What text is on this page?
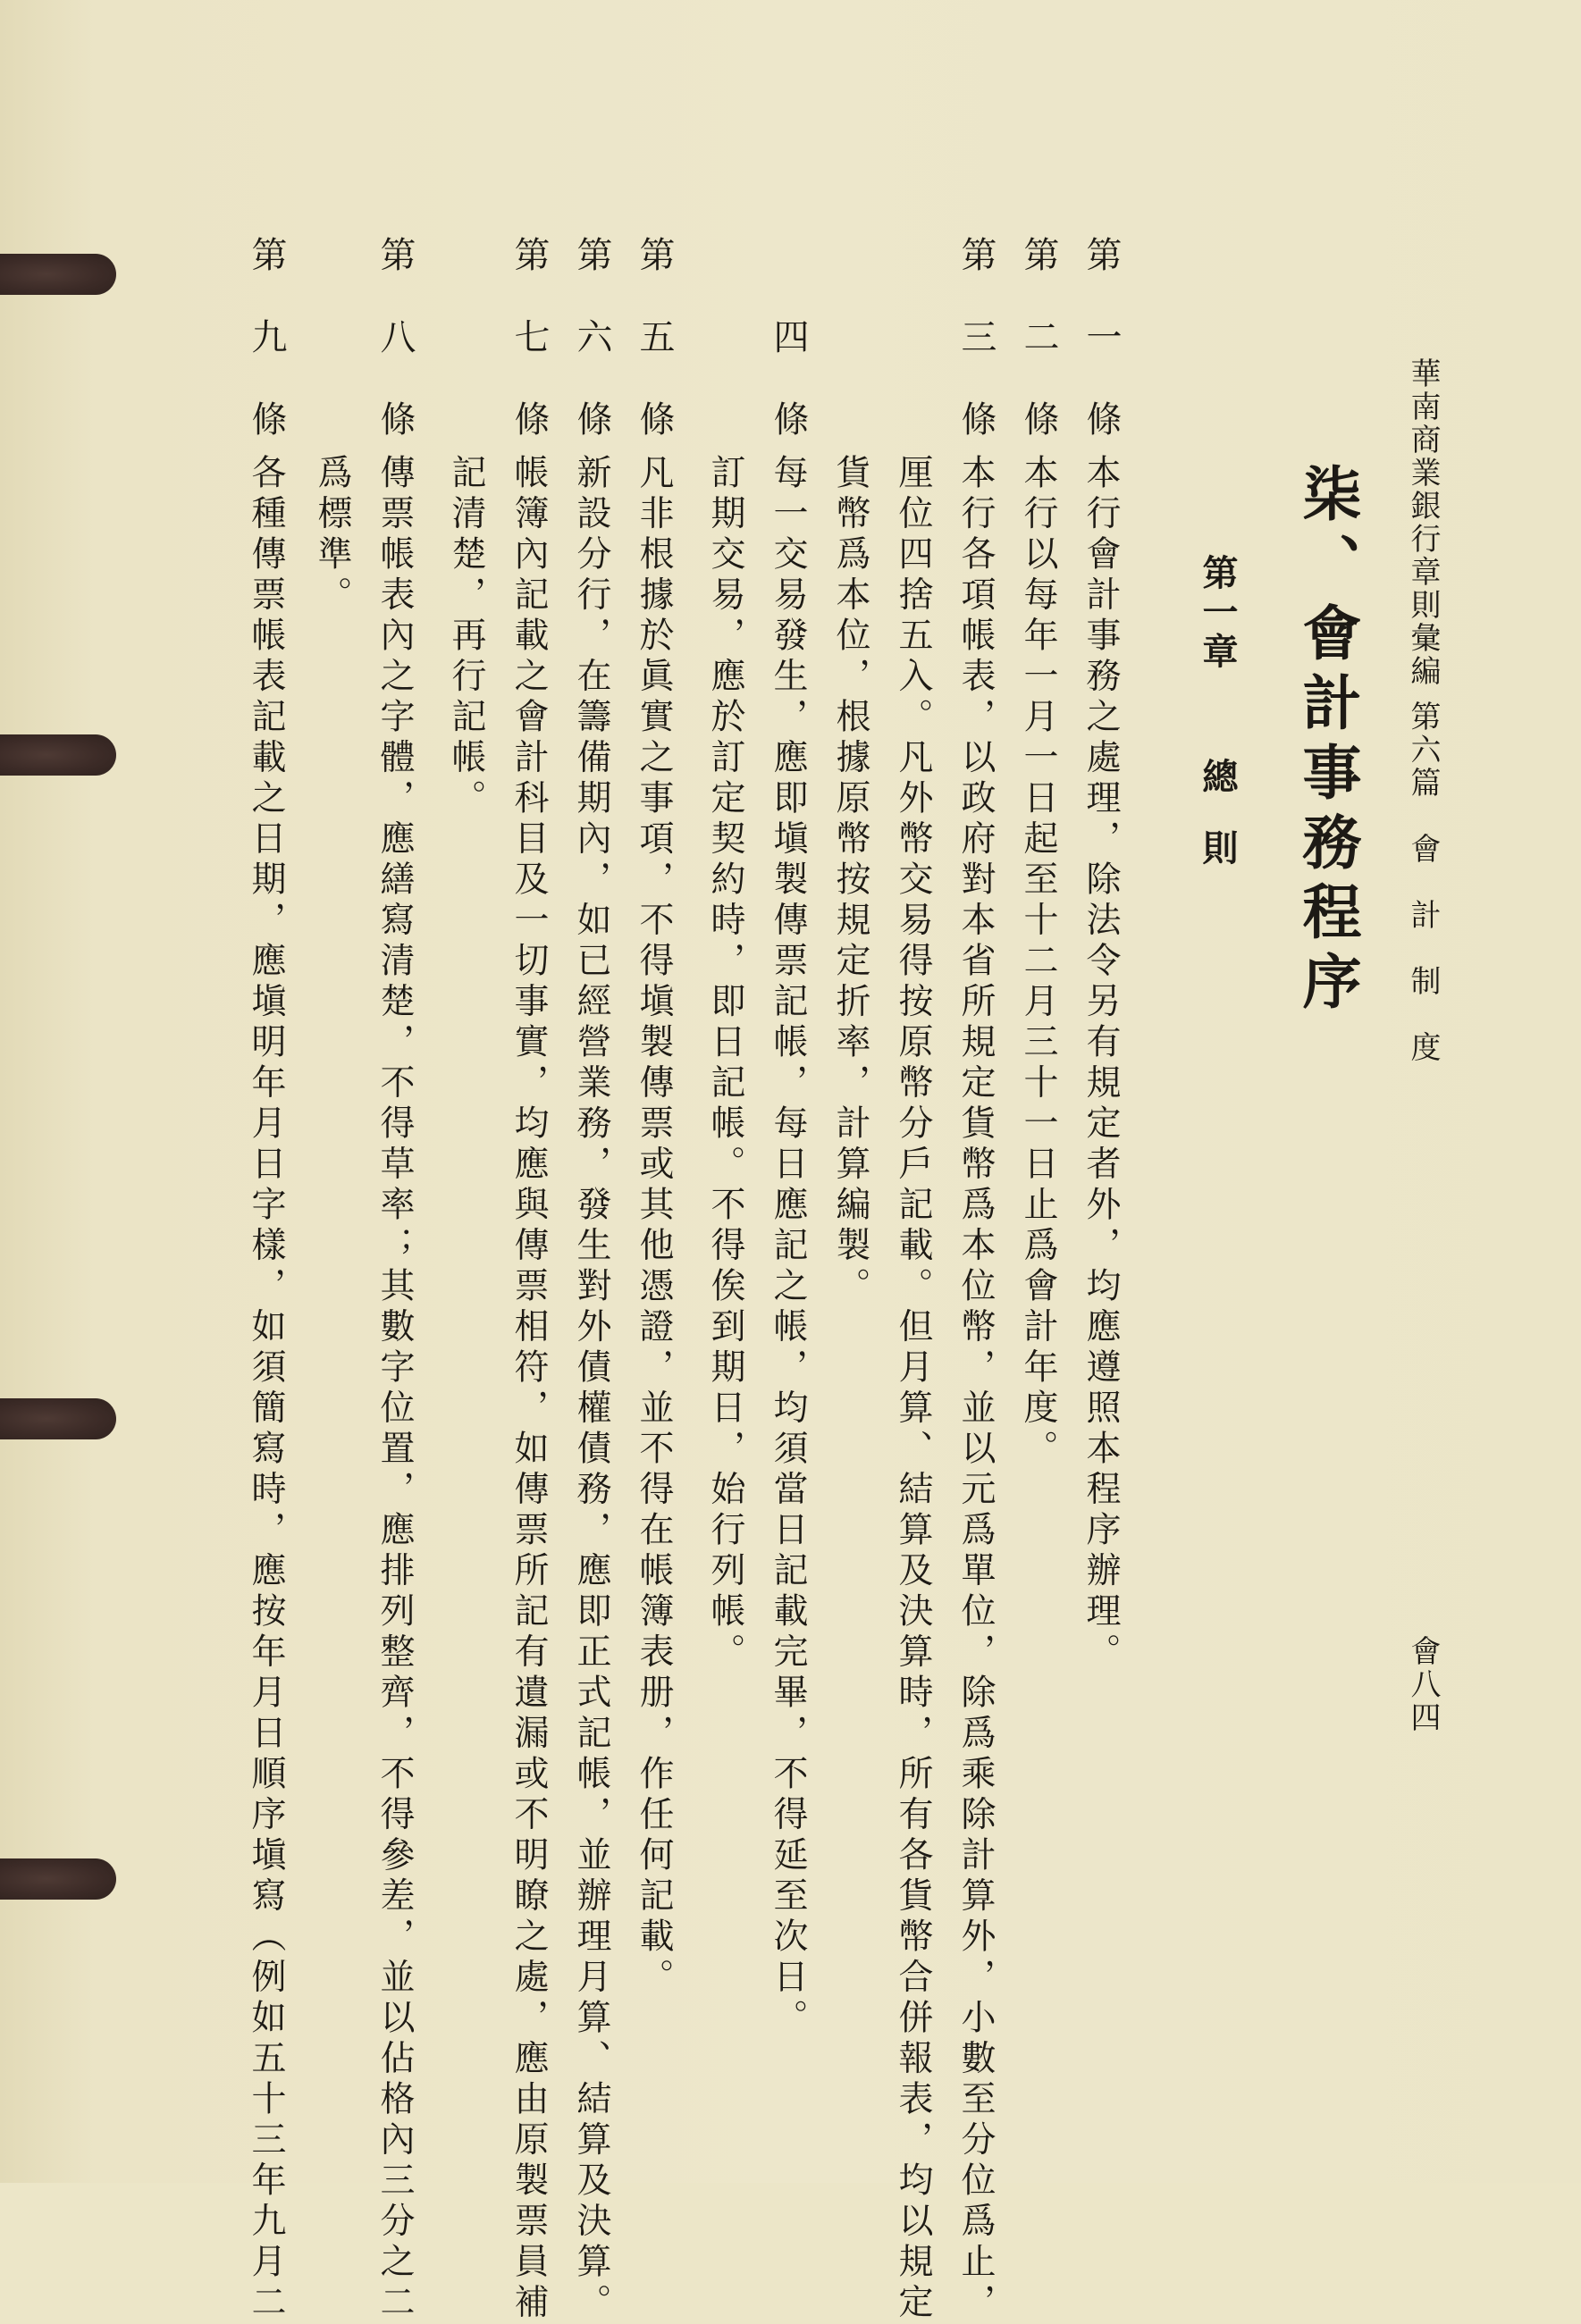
華南商業銀行章則彙編第六篇　會　計　制　度
會八四
柒、會計事務程序
第一章總　則
第一條
本行會計事務之處理，除法令另有規定者外，均應遵照本程序辦理。
第二條
本行以每年一月一日起至十二月三十一日止爲會計年度。
第三條
本行各項帳表，以政府對本省所規定貨幣爲本位幣，並以元爲單位，除爲乘除計算外，小數至分位爲止，
厘位四捨五入。凡外幣交易得按原幣分戶記載。但月算、結算及決算時，所有各貨幣合併報表，均以規定
貨幣爲本位，根據原幣按規定折率，計算編製。
四條
每一交易發生，應即塡製傳票記帳，每日應記之帳，均須當日記載完畢，不得延至次日。
訂期交易，應於訂定契約時，即日記帳。不得俟到期日，始行列帳。
第五條
凡非根據於眞實之事項，不得塡製傳票或其他憑證，並不得在帳簿表册，作任何記載。
第六條
新設分行，在籌備期內，如已經營業務，發生對外債權債務，應即正式記帳，並辦理月算、結算及決算。
第七條
帳簿內記載之會計科目及一切事實，均應與傳票相符，如傳票所記有遺漏或不明瞭之處，應由原製票員補
記清楚，再行記帳。
第八條
傳票帳表內之字體，應繕寫清楚，不得草率；其數字位置，應排列整齊，不得參差，並以佔格內三分之二
爲標準。
第九條
各種傳票帳表記載之日期，應塡明年月日字樣，如須簡寫時，應按年月日順序塡寫（例如五十三年九月二
